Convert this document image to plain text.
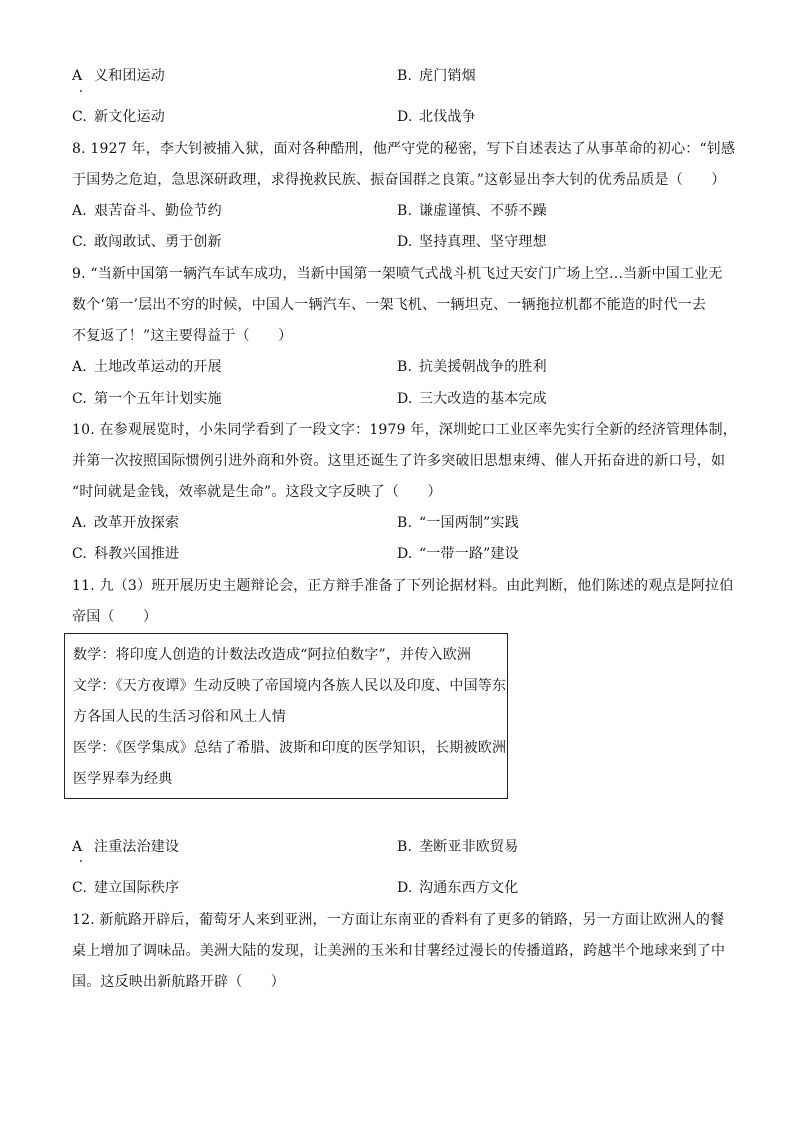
A 义和团运动	B. 虎门销烟
C. 新文化运动	D. 北伐战争
8. 1927 年，李大钊被捕入狱，面对各种酷刑，他严守党的秘密，写下自述表达了从事革命的初心：“钊感
于国势之危迫，急思深研政理，求得挽救民族、振奋国群之良策。”这彰显出李大钊的优秀品质是（　　）
A. 艰苦奋斗、勤俭节约	B. 谦虚谨慎、不骄不躁
C. 敢闯敢试、勇于创新	D. 坚持真理、坚守理想
9. “当新中国第一辆汽车试车成功，当新中国第一架喷气式战斗机飞过天安门广场上空…当新中国工业无
数个‘第一’层出不穷的时候，中国人一辆汽车、一架飞机、一辆坦克、一辆拖拉机都不能造的时代一去
不复返了！”这主要得益于（　　）
A. 土地改革运动的开展	B. 抗美援朝战争的胜利
C. 第一个五年计划实施	D. 三大改造的基本完成
10. 在参观展览时，小朱同学看到了一段文字：1979 年，深圳蛇口工业区率先实行全新的经济管理体制，
并第一次按照国际惯例引进外商和外资。这里还诞生了许多突破旧思想束缚、催人开拓奋进的新口号，如
“时间就是金钱，效率就是生命”。这段文字反映了（　　）
A. 改革开放探索	B. “一国两制”实践
C. 科教兴国推进	D. “一带一路”建设
11. 九（3）班开展历史主题辩论会，正方辩手准备了下列论据材料。由此判断，他们陈述的观点是阿拉伯
帝国（　　）
数学：将印度人创造的计数法改造成“阿拉伯数字”，并传入欧洲
文学：《天方夜谭》生动反映了帝国境内各族人民以及印度、中国等东
方各国人民的生活习俗和风土人情
医学：《医学集成》总结了希腊、波斯和印度的医学知识，长期被欧洲
医学界奉为经典
A 注重法治建设	B. 垄断亚非欧贸易
C. 建立国际秩序	D. 沟通东西方文化
12. 新航路开辟后，葡萄牙人来到亚洲，一方面让东南亚的香料有了更多的销路，另一方面让欧洲人的餐
桌上增加了调味品。美洲大陆的发现，让美洲的玉米和甘薯经过漫长的传播道路，跨越半个地球来到了中
国。这反映出新航路开辟（　　）
